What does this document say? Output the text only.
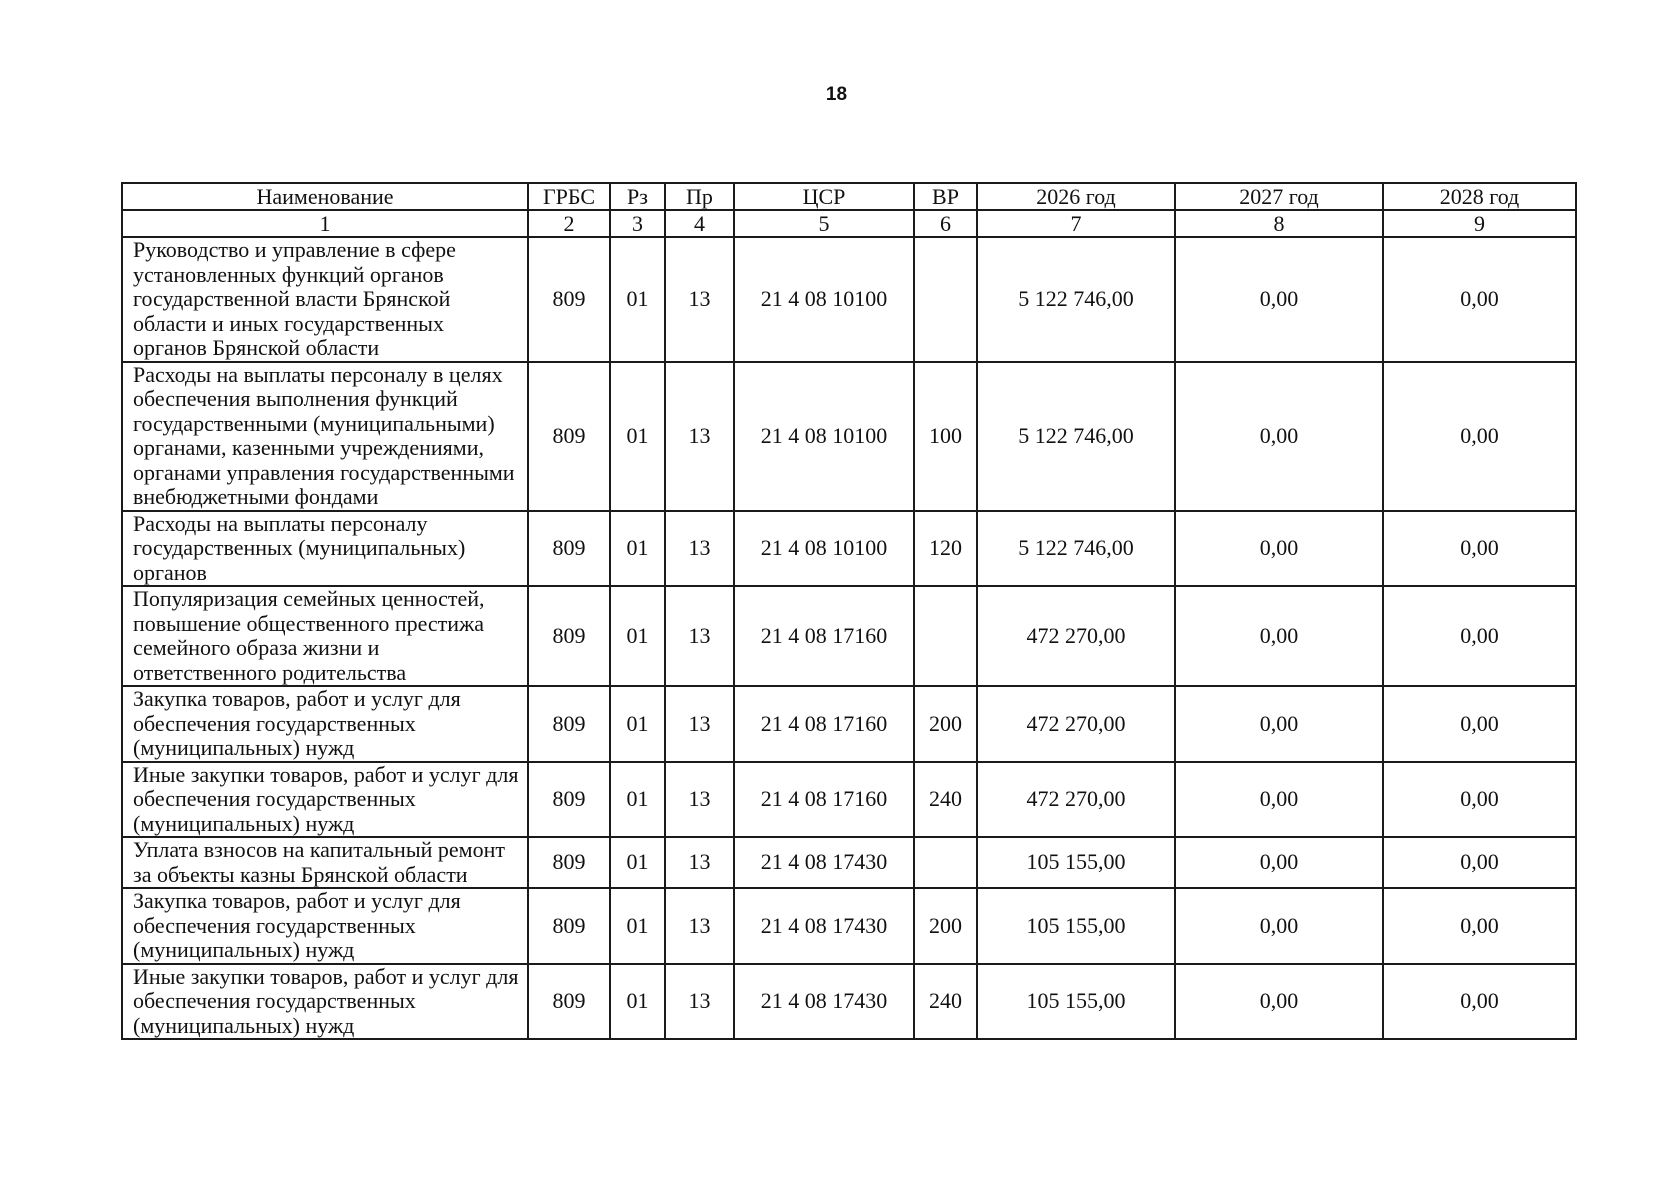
18
Наименование	ГРБС	Рз	Пр	ЦСР	ВР	2026 год	2027 год	2028 год
1	2	3	4	5	6	7	8	9
Руководство и управление в сфере установленных функций органов государственной власти Брянской области и иных государственных органов Брянской области	809	01	13	21 4 08 10100		5 122 746,00	0,00	0,00
Расходы на выплаты персоналу в целях обеспечения выполнения функций государственными (муниципальными) органами, казенными учреждениями, органами управления государственными внебюджетными фондами	809	01	13	21 4 08 10100	100	5 122 746,00	0,00	0,00
Расходы на выплаты персоналу государственных (муниципальных) органов	809	01	13	21 4 08 10100	120	5 122 746,00	0,00	0,00
Популяризация семейных ценностей, повышение общественного престижа семейного образа жизни и ответственного родительства	809	01	13	21 4 08 17160		472 270,00	0,00	0,00
Закупка товаров, работ и услуг для обеспечения государственных (муниципальных) нужд	809	01	13	21 4 08 17160	200	472 270,00	0,00	0,00
Иные закупки товаров, работ и услуг для обеспечения государственных (муниципальных) нужд	809	01	13	21 4 08 17160	240	472 270,00	0,00	0,00
Уплата взносов на капитальный ремонт за объекты казны Брянской области	809	01	13	21 4 08 17430		105 155,00	0,00	0,00
Закупка товаров, работ и услуг для обеспечения государственных (муниципальных) нужд	809	01	13	21 4 08 17430	200	105 155,00	0,00	0,00
Иные закупки товаров, работ и услуг для обеспечения государственных (муниципальных) нужд	809	01	13	21 4 08 17430	240	105 155,00	0,00	0,00
